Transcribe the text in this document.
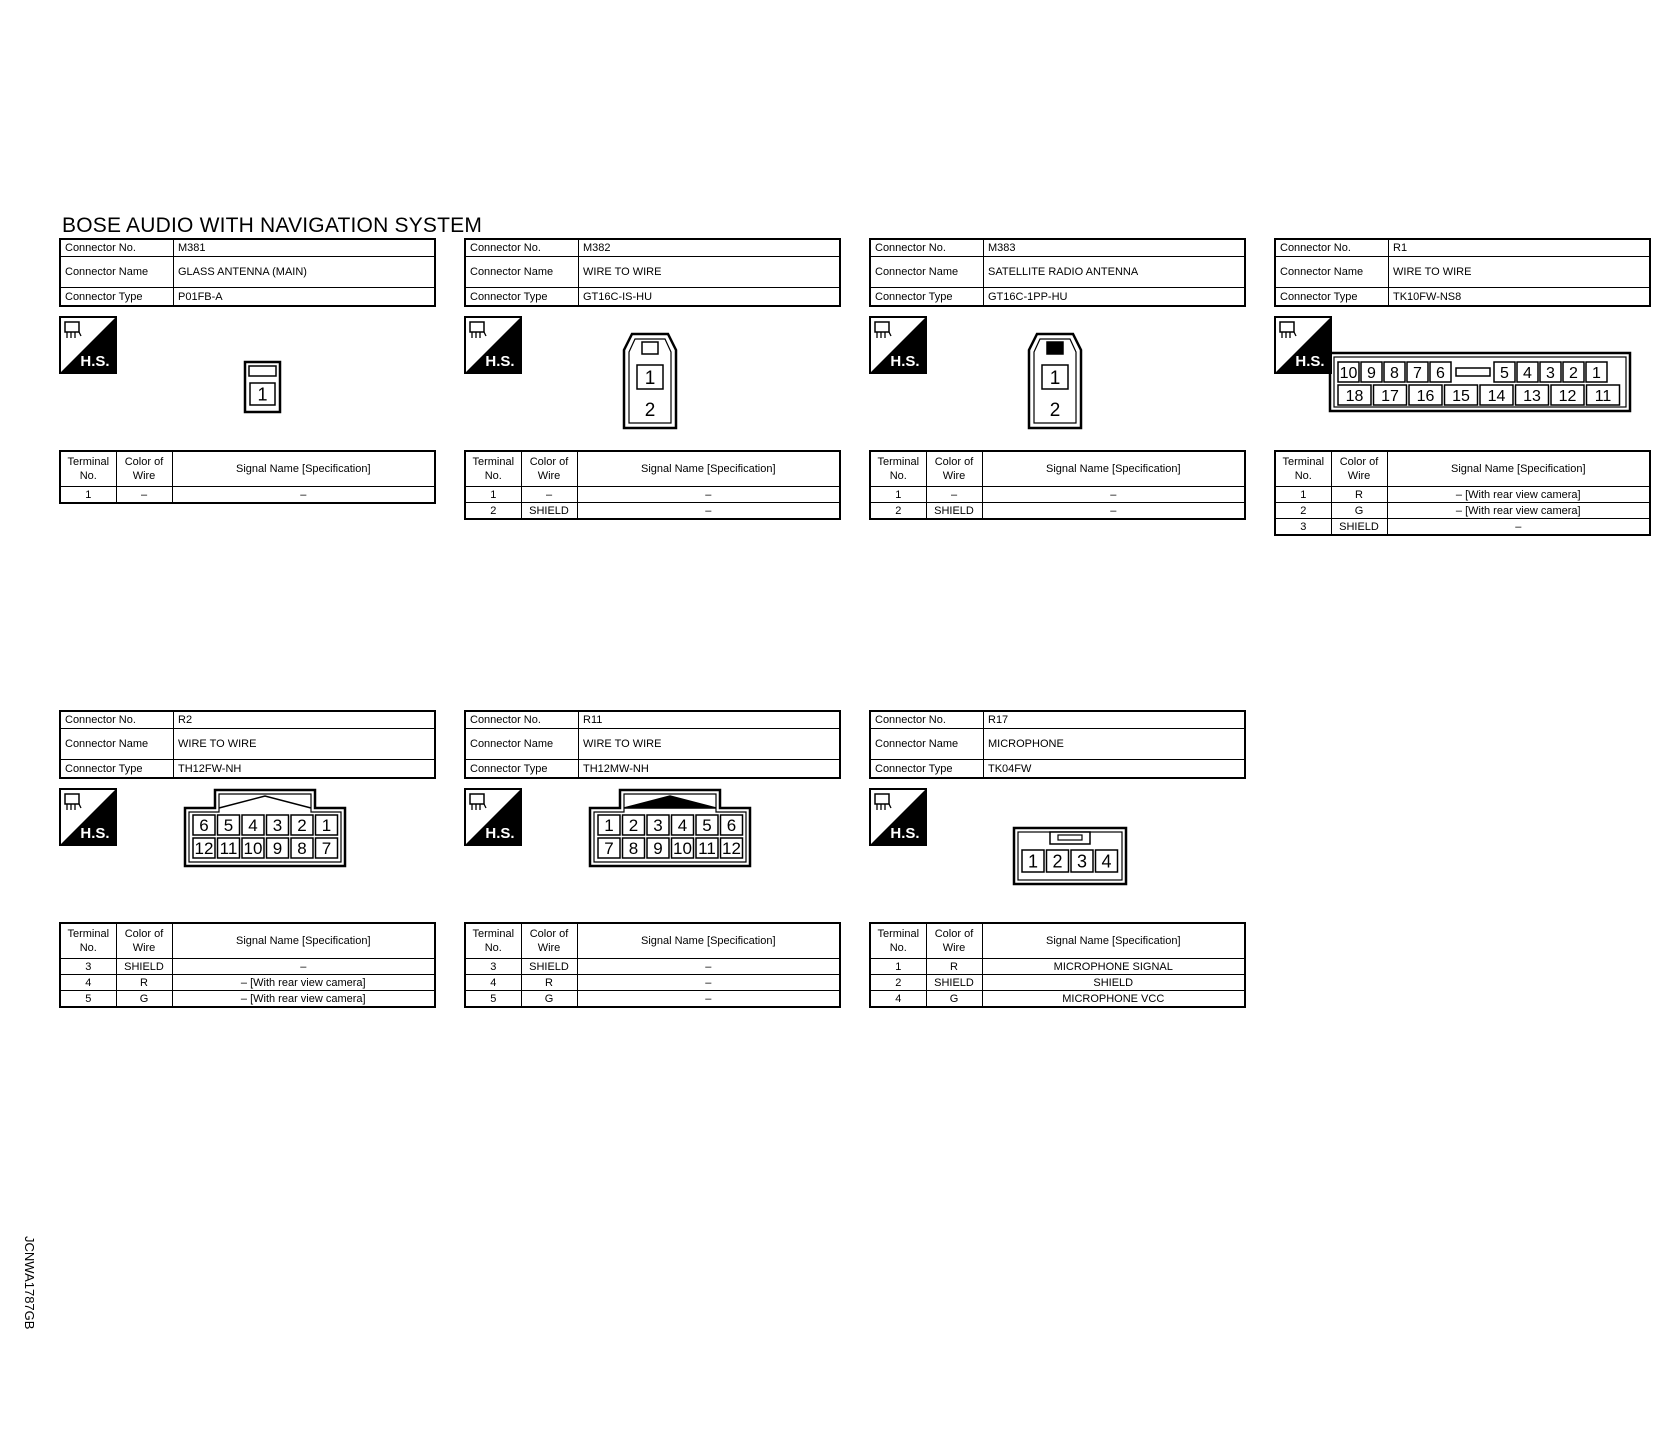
BOSE AUDIO WITH NAVIGATION SYSTEM
1
Connector No.	M381
Connector Name	GLASS ANTENNA (MAIN)
Connector Type	P01FB-A
H.S.
Terminal No.	Color of Wire	Signal Name [Specification]
1	–	–
1
2
Connector No.	M382
Connector Name	WIRE TO WIRE
Connector Type	GT16C-IS-HU
H.S.
Terminal No.	Color of Wire	Signal Name [Specification]
1	–	–
2	SHIELD	–
1
2
Connector No.	M383
Connector Name	SATELLITE RADIO ANTENNA
Connector Type	GT16C-1PP-HU
H.S.
Terminal No.	Color of Wire	Signal Name [Specification]
1	–	–
2	SHIELD	–
10 9 8 7 6	5 4 3 2 1
18 17 16 15 14 13 12 11
Connector No.	R1
Connector Name	WIRE TO WIRE
Connector Type	TK10FW-NS8
H.S.
Terminal No.	Color of Wire	Signal Name [Specification]
1	R	– [With rear view camera]
2	G	– [With rear view camera]
3	SHIELD	–
6 5 4 3 2 1
12 11 10 9 8 7
Connector No.	R2
Connector Name	WIRE TO WIRE
Connector Type	TH12FW-NH
H.S.
Terminal No.	Color of Wire	Signal Name [Specification]
3	SHIELD	–
4	R	– [With rear view camera]
5	G	– [With rear view camera]
1 2 3 4 5 6
7 8 9 10 11 12
Connector No.	R11
Connector Name	WIRE TO WIRE
Connector Type	TH12MW-NH
H.S.
Terminal No.	Color of Wire	Signal Name [Specification]
3	SHIELD	–
4	R	–
5	G	–
1 2 3 4
Connector No.	R17
Connector Name	MICROPHONE
Connector Type	TK04FW
H.S.
Terminal No.	Color of Wire	Signal Name [Specification]
1	R	MICROPHONE SIGNAL
2	SHIELD	SHIELD
4	G	MICROPHONE VCC
JCNWA1787GB
